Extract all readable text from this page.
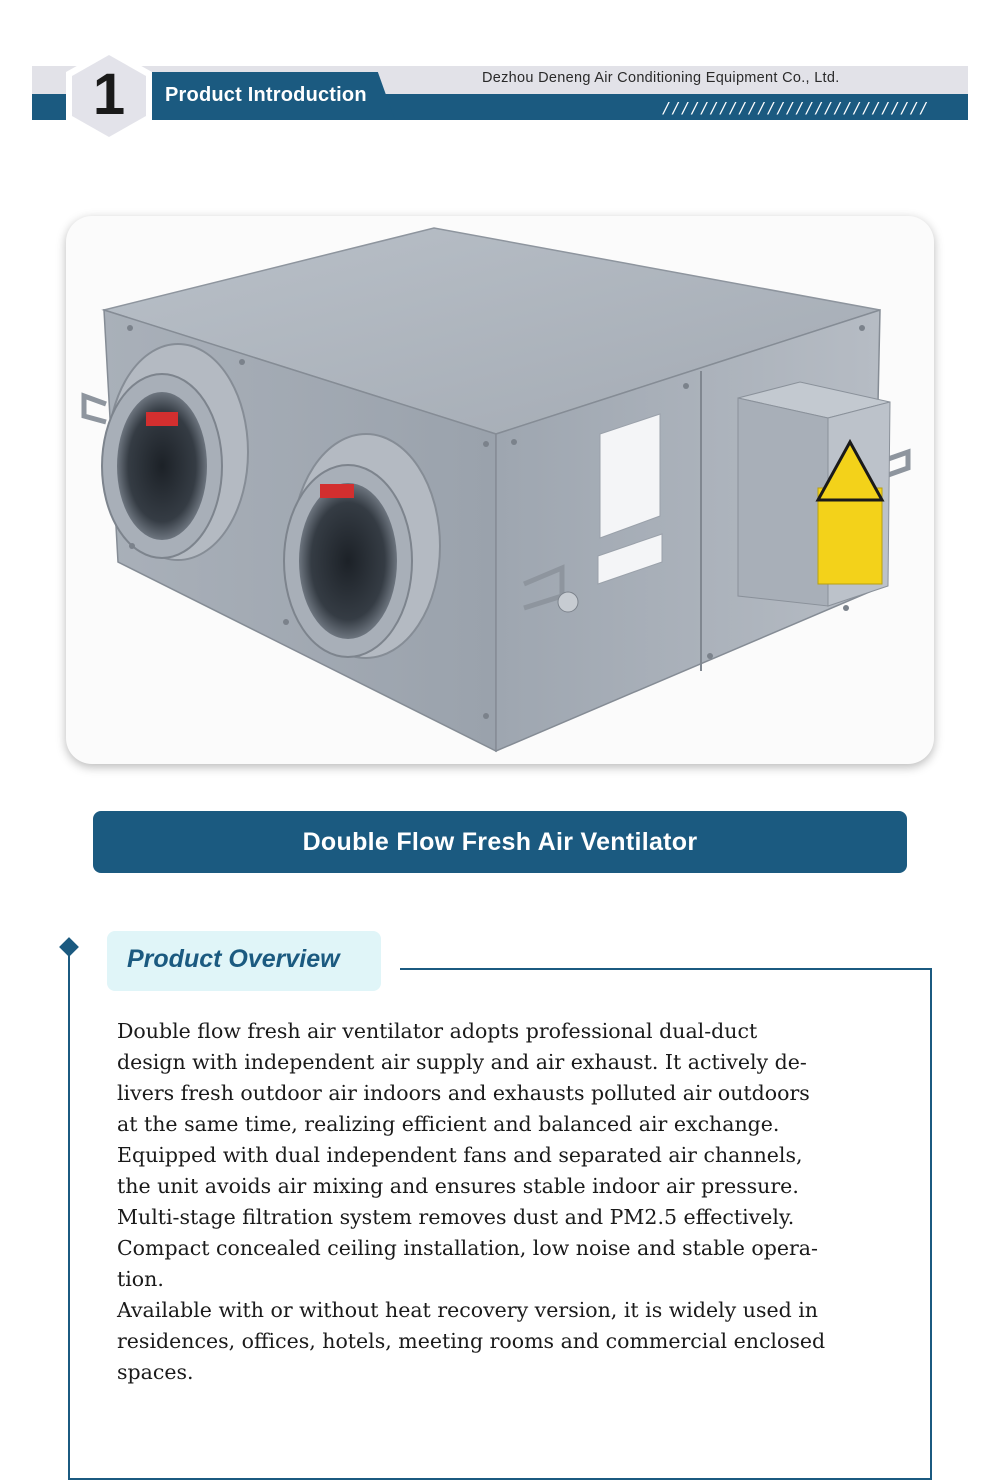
Product Introduction
Dezhou Deneng Air Conditioning Equipment Co., Ltd.
////////////////////////////
1
Double Flow Fresh Air Ventilator
Product Overview

Double flow fresh air ventilator adopts professional dual-duct

design with independent air supply and air exhaust. It actively de-

livers fresh outdoor air indoors and exhausts polluted air outdoors

at the same time, realizing efficient and balanced air exchange.

Equipped with dual independent fans and separated air channels,

the unit avoids air mixing and ensures stable indoor air pressure.

Multi-stage filtration system removes dust and PM2.5 effectively.

Compact concealed ceiling installation, low noise and stable opera-

tion.

Available with or without heat recovery version, it is widely used in

residences, offices, hotels, meeting rooms and commercial enclosed

spaces.
